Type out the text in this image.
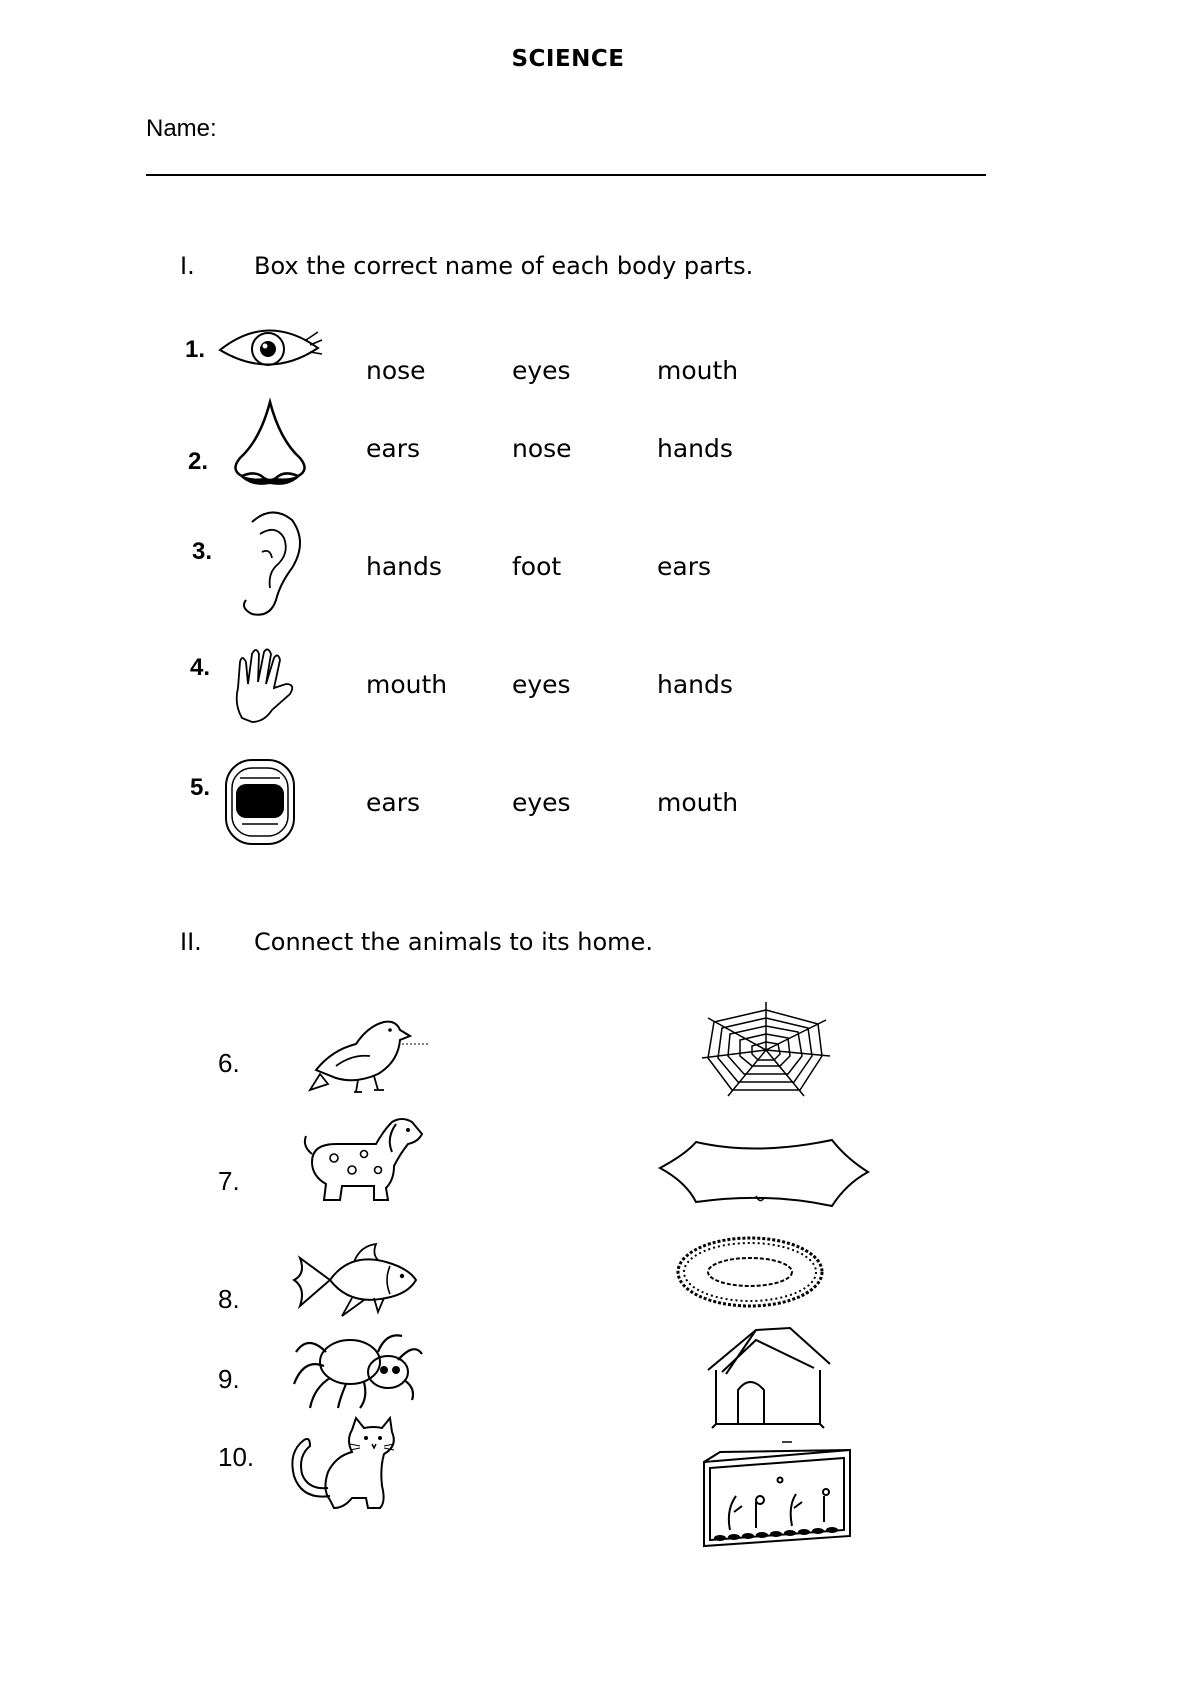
SCIENCE
Name:
I. Box the correct name of each body parts.
1.
nose	eyes	mouth
2.	ears	nose	hands
3.
hands	foot	ears
4.
mouth	eyes	hands
5.
ears	eyes	mouth
II. Connect the animals to its home.
6.
7.
8.
9.
10.
